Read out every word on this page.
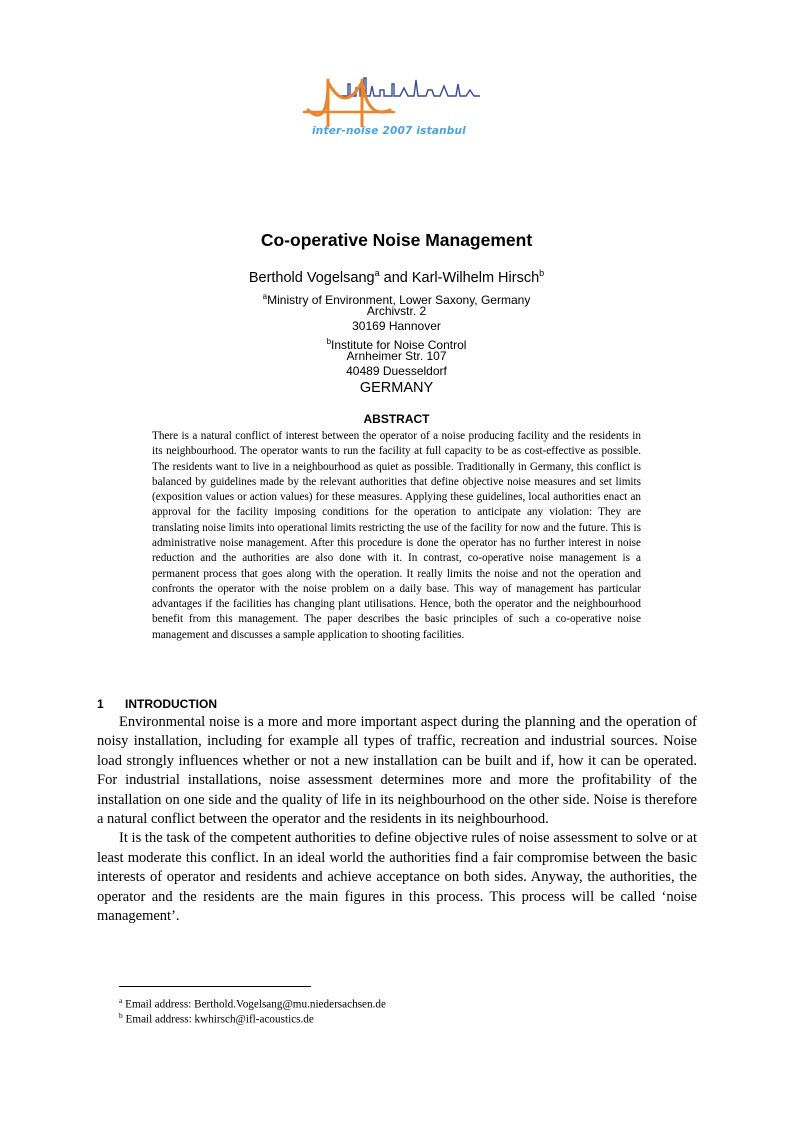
inter-noise 2007 istanbul
Co-operative Noise Management
Berthold Vogelsang$^a$ and Karl-Wilhelm Hirsch$^b$
$^a$Ministry of Environment, Lower Saxony, Germany
Archivstr. 2
30169 Hannover
$^b$Institute for Noise Control
Arnheimer Str. 107
40489 Duesseldorf
GERMANY
ABSTRACT

There is a natural conflict of interest between the operator of a noise producing facility and the residents in its neighbourhood. The operator wants to run the facility at full capacity to be as cost-effective as possible. The residents want to live in a neighbourhood as quiet as possible. Traditionally in Germany, this conflict is balanced by guidelines made by the relevant authorities that define objective noise measures and set limits (exposition values or action values) for these measures. Applying these guidelines, local authorities enact an approval for the facility imposing conditions for the operation to anticipate any violation: They are translating noise limits into operational limits restricting the use of the facility for now and the future. This is administrative noise management. After this procedure is done the operator has no further interest in noise reduction and the authorities are also done with it. In contrast, co-operative noise management is a permanent process that goes along with the operation. It really limits the noise and not the operation and confronts the operator with the noise problem on a daily base. This way of management has particular advantages if the facilities has changing plant utilisations. Hence, both the operator and the neighbourhood benefit from this management. The paper describes the basic principles of such a co-operative noise management and discusses a sample application to shooting facilities.

1 INTRODUCTION

Environmental noise is a more and more important aspect during the planning and the operation of noisy installation, including for example all types of traffic, recreation and industrial sources. Noise load strongly influences whether or not a new installation can be built and if, how it can be operated. For industrial installations, noise assessment determines more and more the profitability of the installation on one side and the quality of life in its neighbourhood on the other side. Noise is therefore a natural conflict between the operator and the residents in its neighbourhood.

It is the task of the competent authorities to define objective rules of noise assessment to solve or at least moderate this conflict. In an ideal world the authorities find a fair compromise between the basic interests of operator and residents and achieve acceptance on both sides. Anyway, the authorities, the operator and the residents are the main figures in this process. This process will be called ‘noise management’.

$^a$ Email address: Berthold.Vogelsang@mu.niedersachsen.de
$^b$ Email address: kwhirsch@ifl-acoustics.de
